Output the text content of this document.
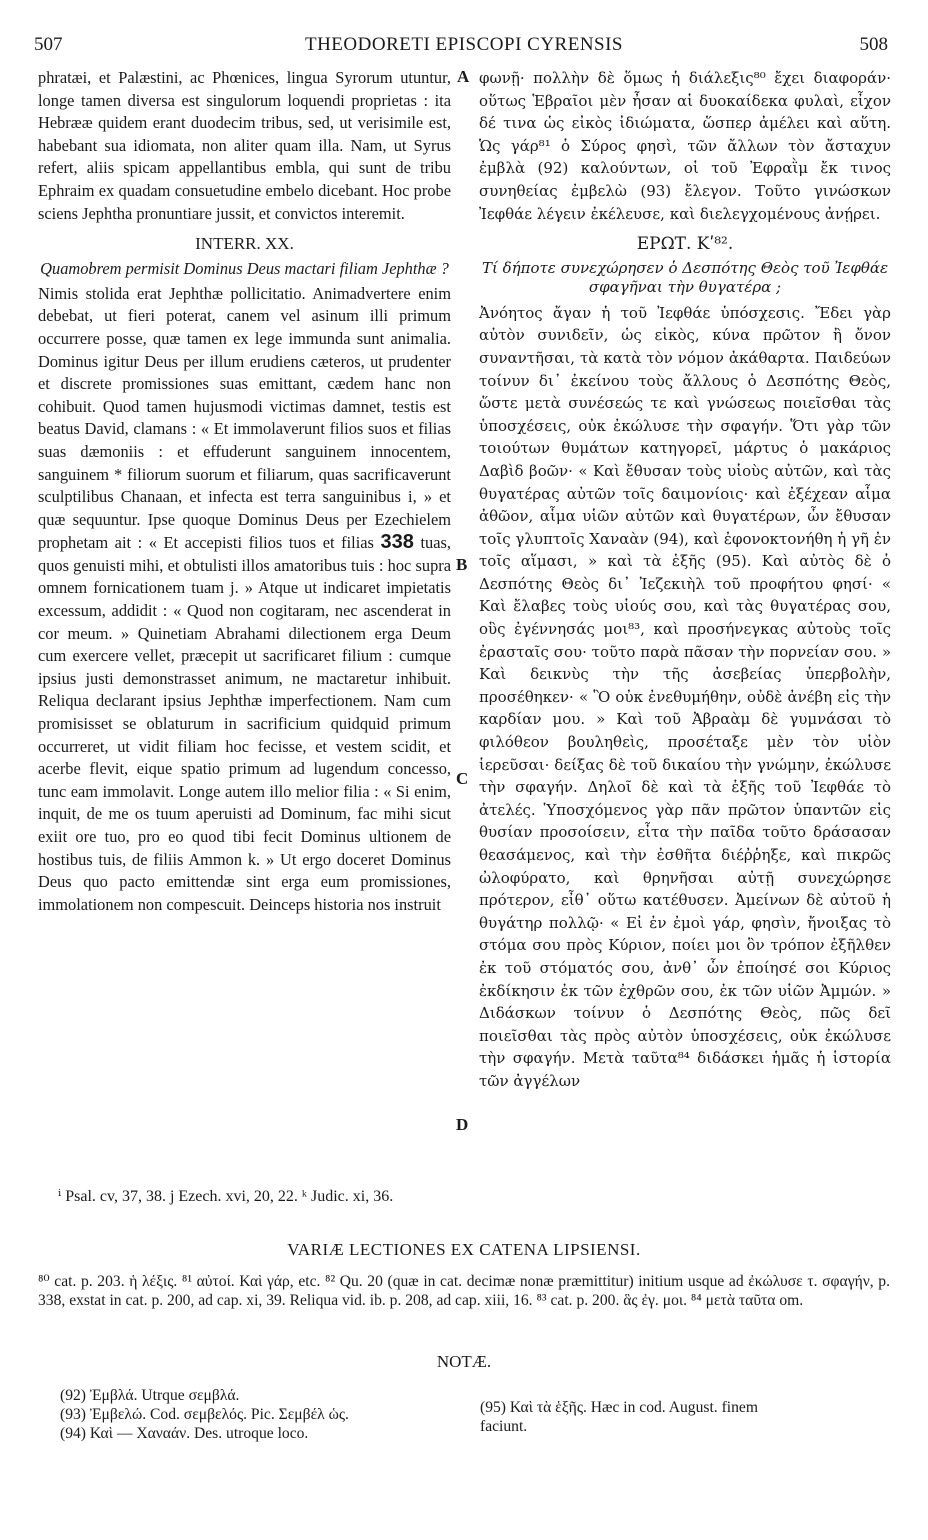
507	THEODORETI EPISCOPI CYRENSIS	508
A
B
C
D

phratæi, et Palæstini, ac Phœnices, lingua Syrorum utuntur, longe tamen diversa est singulorum loquendi proprietas : ita Hebrææ quidem erant duodecim tribus, sed, ut verisimile est, habebant sua idiomata, non aliter quam illa. Nam, ut Syrus refert, aliis spicam appellantibus embla, qui sunt de tribu Ephraim ex quadam consuetudine embelo dicebant. Hoc probe sciens Jephtha pronuntiare jussit, et convictos interemit.

INTERR. XX.
Quamobrem permisit Dominus Deus mactari filiam Jephthæ ?

Nimis stolida erat Jephthæ pollicitatio. Animadvertere enim debebat, ut fieri poterat, canem vel asinum illi primum occurrere posse, quæ tamen ex lege immunda sunt animalia. Dominus igitur Deus per illum erudiens cæteros, ut prudenter et discrete promissiones suas emittant, cædem hanc non cohibuit. Quod tamen hujusmodi victimas damnet, testis est beatus David, clamans : « Et immolaverunt filios suos et filias suas dæmoniis : et effuderunt sanguinem innocentem, sanguinem * filiorum suorum et filiarum, quas sacrificaverunt sculptilibus Chanaan, et infecta est terra sanguinibus i, » et quæ sequuntur. Ipse quoque Dominus Deus per Ezechielem prophetam ait : « Et accepisti filios tuos et filias 338 tuas, quos genuisti mihi, et obtulisti illos amatoribus tuis : hoc supra omnem fornicationem tuam j. » Atque ut indicaret impietatis excessum, addidit : « Quod non cogitaram, nec ascenderat in cor meum. » Quinetiam Abrahami dilectionem erga Deum cum exercere vellet, præcepit ut sacrificaret filium : cumque ipsius justi demonstrasset animum, ne mactaretur inhibuit. Reliqua declarant ipsius Jephthæ imperfectionem. Nam cum promisisset se oblaturum in sacrificium quidquid primum occurreret, ut vidit filiam hoc fecisse, et vestem scidit, et acerbe flevit, eique spatio primum ad lugendum concesso, tunc eam immolavit. Longe autem illo melior filia : « Si enim, inquit, de me os tuum aperuisti ad Dominum, fac mihi sicut exiit ore tuo, pro eo quod tibi fecit Dominus ultionem de hostibus tuis, de filiis Ammon k. » Ut ergo doceret Dominus Deus quo pacto emittendæ sint erga eum promissiones, immolationem non compescuit. Deinceps historia nos instruit

φωνῇ· πολλὴν δὲ ὅμως ἡ διάλεξις⁸⁰ ἔχει διαφοράν· οὕτως Ἑβραῖοι μὲν ἦσαν αἱ δυοκαίδεκα φυλαὶ, εἶχον δέ τινα ὡς εἰκὸς ἰδιώματα, ὥσπερ ἀμέλει καὶ αὕτη. Ὡς γάρ⁸¹ ὁ Σύρος φησὶ, τῶν ἄλλων τὸν ἄσταχυν ἐμβλὰ (92) καλούντων, οἱ τοῦ Ἐφραῒμ ἔκ τινος συνηθείας ἐμβελὼ (93) ἔλεγον. Τοῦτο γινώσκων Ἰεφθάε λέγειν ἐκέλευσε, καὶ διελεγχομένους ἀνῄρει.

ΕΡΩΤ. Κʹ⁸².
Τί δήποτε συνεχώρησεν ὁ Δεσπότης Θεὸς τοῦ Ἰεφθάε σφαγῆναι τὴν θυγατέρα ;

Ἀνόητος ἄγαν ἡ τοῦ Ἰεφθάε ὑπόσχεσις. Ἔδει γὰρ αὐτὸν συνιδεῖν, ὡς εἰκὸς, κύνα πρῶτον ἢ ὄνον συναντῆσαι, τὰ κατὰ τὸν νόμον ἀκάθαρτα. Παιδεύων τοίνυν δι᾽ ἐκείνου τοὺς ἄλλους ὁ Δεσπότης Θεὸς, ὥστε μετὰ συνέσεώς τε καὶ γνώσεως ποιεῖσθαι τὰς ὑποσχέσεις, οὐκ ἐκώλυσε τὴν σφαγήν. Ὅτι γὰρ τῶν τοιούτων θυμάτων κατηγορεῖ, μάρτυς ὁ μακάριος Δαβὶδ βοῶν· « Καὶ ἔθυσαν τοὺς υἱοὺς αὐτῶν, καὶ τὰς θυγατέρας αὐτῶν τοῖς δαιμονίοις· καὶ ἐξέχεαν αἷμα ἀθῶον, αἷμα υἱῶν αὐτῶν καὶ θυγατέρων, ὧν ἔθυσαν τοῖς γλυπτοῖς Χαναὰν (94), καὶ ἐφονοκτονήθη ἡ γῆ ἐν τοῖς αἵμασι, » καὶ τὰ ἑξῆς (95). Καὶ αὐτὸς δὲ ὁ Δεσπότης Θεὸς δι᾽ Ἰεζεκιὴλ τοῦ προφήτου φησί· « Καὶ ἔλαβες τοὺς υἱούς σου, καὶ τὰς θυγατέρας σου, οὓς ἐγέννησάς μοι⁸³, καὶ προσήνεγκας αὐτοὺς τοῖς ἐρασταῖς σου· τοῦτο παρὰ πᾶσαν τὴν πορνείαν σου. » Καὶ δεικνὺς τὴν τῆς ἀσεβείας ὑπερβολὴν, προσέθηκεν· « Ὃ οὐκ ἐνεθυμήθην, οὐδὲ ἀνέβη εἰς τὴν καρδίαν μου. » Καὶ τοῦ Ἀβραὰμ δὲ γυμνάσαι τὸ φιλόθεον βουληθεὶς, προσέταξε μὲν τὸν υἱὸν ἱερεῦσαι· δείξας δὲ τοῦ δικαίου τὴν γνώμην, ἐκώλυσε τὴν σφαγήν. Δηλοῖ δὲ καὶ τὰ ἑξῆς τοῦ Ἰεφθάε τὸ ἀτελές. Ὑποσχόμενος γὰρ πᾶν πρῶτον ὑπαντῶν εἰς θυσίαν προσοίσειν, εἶτα τὴν παῖδα τοῦτο δράσασαν θεασάμενος, καὶ τὴν ἐσθῆτα διέῤῥηξε, καὶ πικρῶς ὠλοφύρατο, καὶ θρηνῆσαι αὐτῇ συνεχώρησε πρότερον, εἶθ᾽ οὕτω κατέθυσεν. Ἀμείνων δὲ αὐτοῦ ἡ θυγάτηρ πολλῷ· « Εἰ ἐν ἐμοὶ γάρ, φησὶν, ἤνοιξας τὸ στόμα σου πρὸς Κύριον, ποίει μοι ὃν τρόπον ἐξῆλθεν ἐκ τοῦ στόματός σου, ἀνθ᾽ ὧν ἐποίησέ σοι Κύριος ἐκδίκησιν ἐκ τῶν ἐχθρῶν σου, ἐκ τῶν υἱῶν Ἀμμών. » Διδάσκων τοίνυν ὁ Δεσπότης Θεὸς, πῶς δεῖ ποιεῖσθαι τὰς πρὸς αὐτὸν ὑποσχέσεις, οὐκ ἐκώλυσε τὴν σφαγήν. Μετὰ ταῦτα⁸⁴ διδάσκει ἡμᾶς ἡ ἱστορία τῶν ἀγγέλων

ⁱ Psal. cv, 37, 38. j Ezech. xvi, 20, 22. ᵏ Judic. xi, 36.
VARIÆ LECTIONES EX CATENA LIPSIENSI.
⁸⁰ cat. p. 203. ἡ λέξις. ⁸¹ αὐτοί. Καὶ γάρ, etc. ⁸² Qu. 20 (quæ in cat. decimæ nonæ præmittitur) initium usque ad ἐκώλυσε τ. σφαγήν, p. 338, exstat in cat. p. 200, ad cap. xi, 39. Reliqua vid. ib. p. 208, ad cap. xiii, 16. ⁸³ cat. p. 200. ἃς ἐγ. μοι. ⁸⁴ μετὰ ταῦτα om.
NOTÆ.
(92) Ἐμβλά. Utrque σεμβλά.
(93) Ἐμβελώ. Cod. σεμβελός. Pic. Σεμβέλ ὡς.
(94) Καὶ — Χαναάν. Des. utroque loco.
(95) Καὶ τὰ ἑξῆς. Hæc in cod. August. finem
faciunt.
